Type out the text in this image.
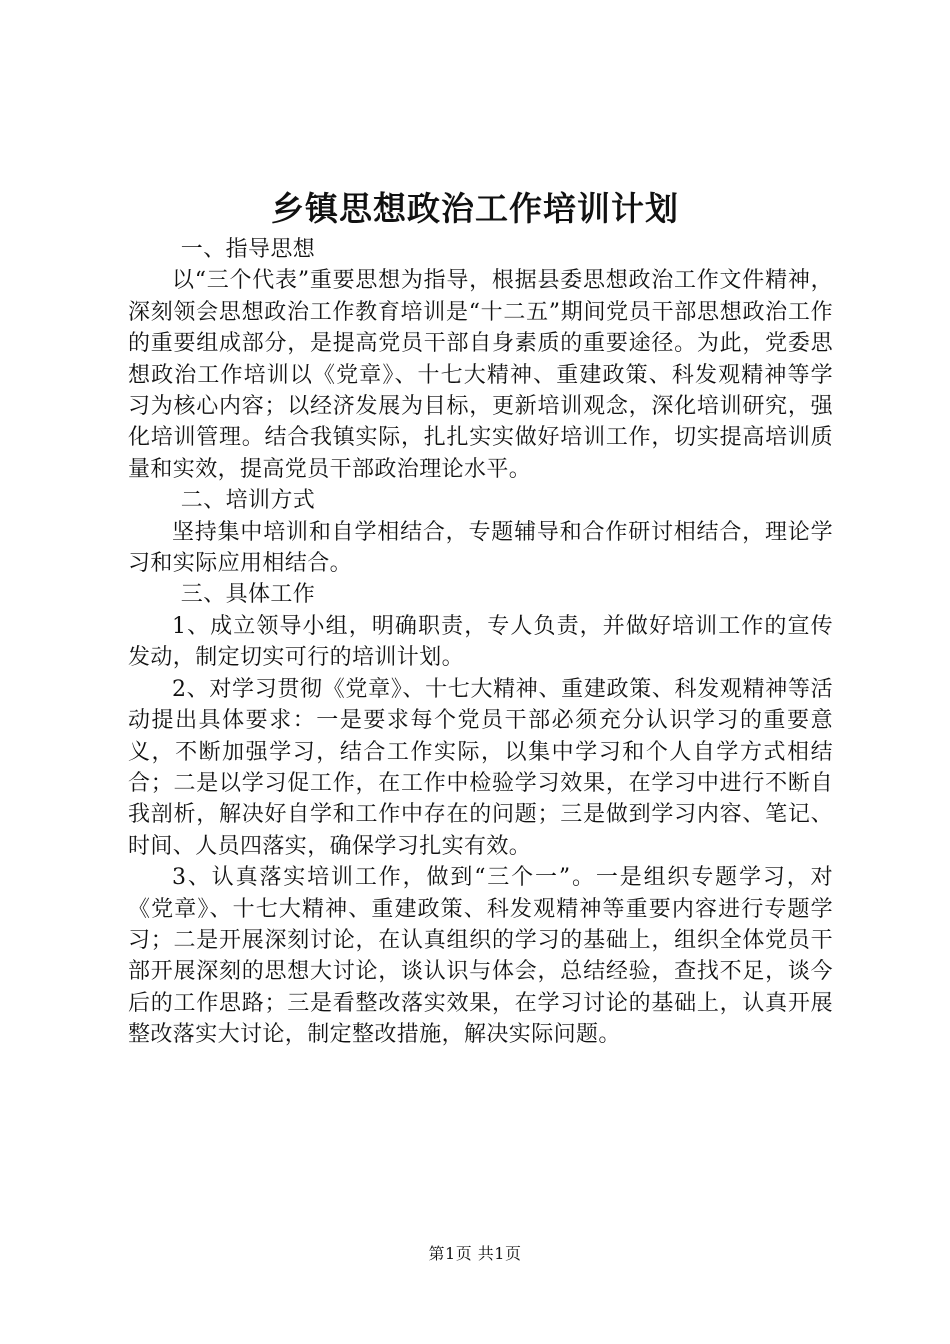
乡镇思想政治工作培训计划

一、指导思想

以“三个代表”重要思想为指导，根据县委思想政治工作文件精神，深刻领会思想政治工作教育培训是“十二五”期间党员干部思想政治工作的重要组成部分，是提高党员干部自身素质的重要途径。为此，党委思想政治工作培训以《党章》、十七大精神、重建政策、科发观精神等学习为核心内容；以经济发展为目标，更新培训观念，深化培训研究，强化培训管理。结合我镇实际，扎扎实实做好培训工作，切实提高培训质量和实效，提高党员干部政治理论水平。

二、培训方式

坚持集中培训和自学相结合，专题辅导和合作研讨相结合，理论学习和实际应用相结合。

三、具体工作

1、成立领导小组，明确职责，专人负责，并做好培训工作的宣传发动，制定切实可行的培训计划。

2、对学习贯彻《党章》、十七大精神、重建政策、科发观精神等活动提出具体要求：一是要求每个党员干部必须充分认识学习的重要意义，不断加强学习，结合工作实际，以集中学习和个人自学方式相结合；二是以学习促工作，在工作中检验学习效果，在学习中进行不断自我剖析，解决好自学和工作中存在的问题；三是做到学习内容、笔记、时间、人员四落实，确保学习扎实有效。

3、认真落实培训工作，做到“三个一”。一是组织专题学习，对《党章》、十七大精神、重建政策、科发观精神等重要内容进行专题学习；二是开展深刻讨论，在认真组织的学习的基础上，组织全体党员干部开展深刻的思想大讨论，谈认识与体会，总结经验，查找不足，谈今后的工作思路；三是看整改落实效果，在学习讨论的基础上，认真开展整改落实大讨论，制定整改措施，解决实际问题。

第1页 共1页
